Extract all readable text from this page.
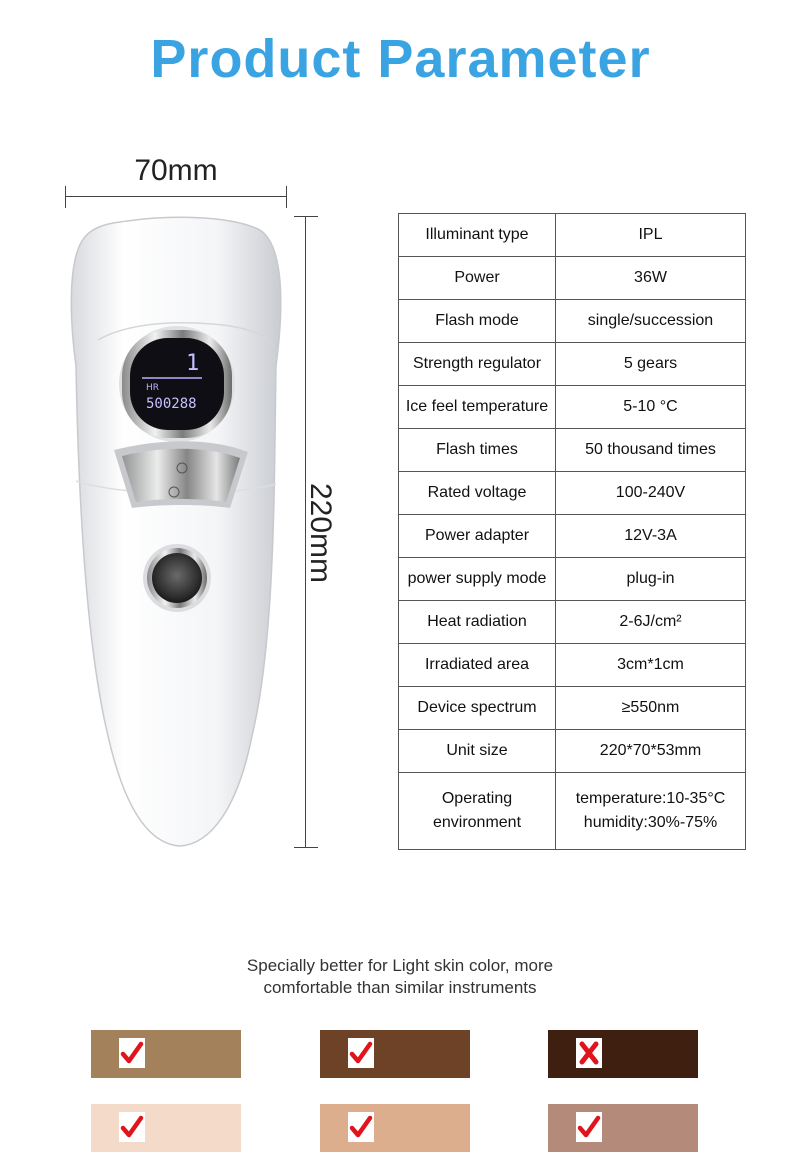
Product Parameter
70mm
220mm
1
HR
500288
Illuminant type	IPL
Power	36W
Flash mode	single/succession
Strength regulator	5 gears
Ice feel temperature	5-10 °C
Flash times	50 thousand times
Rated voltage	100-240V
Power adapter	12V-3A
power supply mode	plug-in
Heat radiation	2-6J/cm²
Irradiated area	3cm*1cm
Device spectrum	≥550nm
Unit size	220*70*53mm
Operating environment	temperature:10-35°C
humidity:30%-75%
Specially better for Light skin color, more
comfortable than similar instruments
